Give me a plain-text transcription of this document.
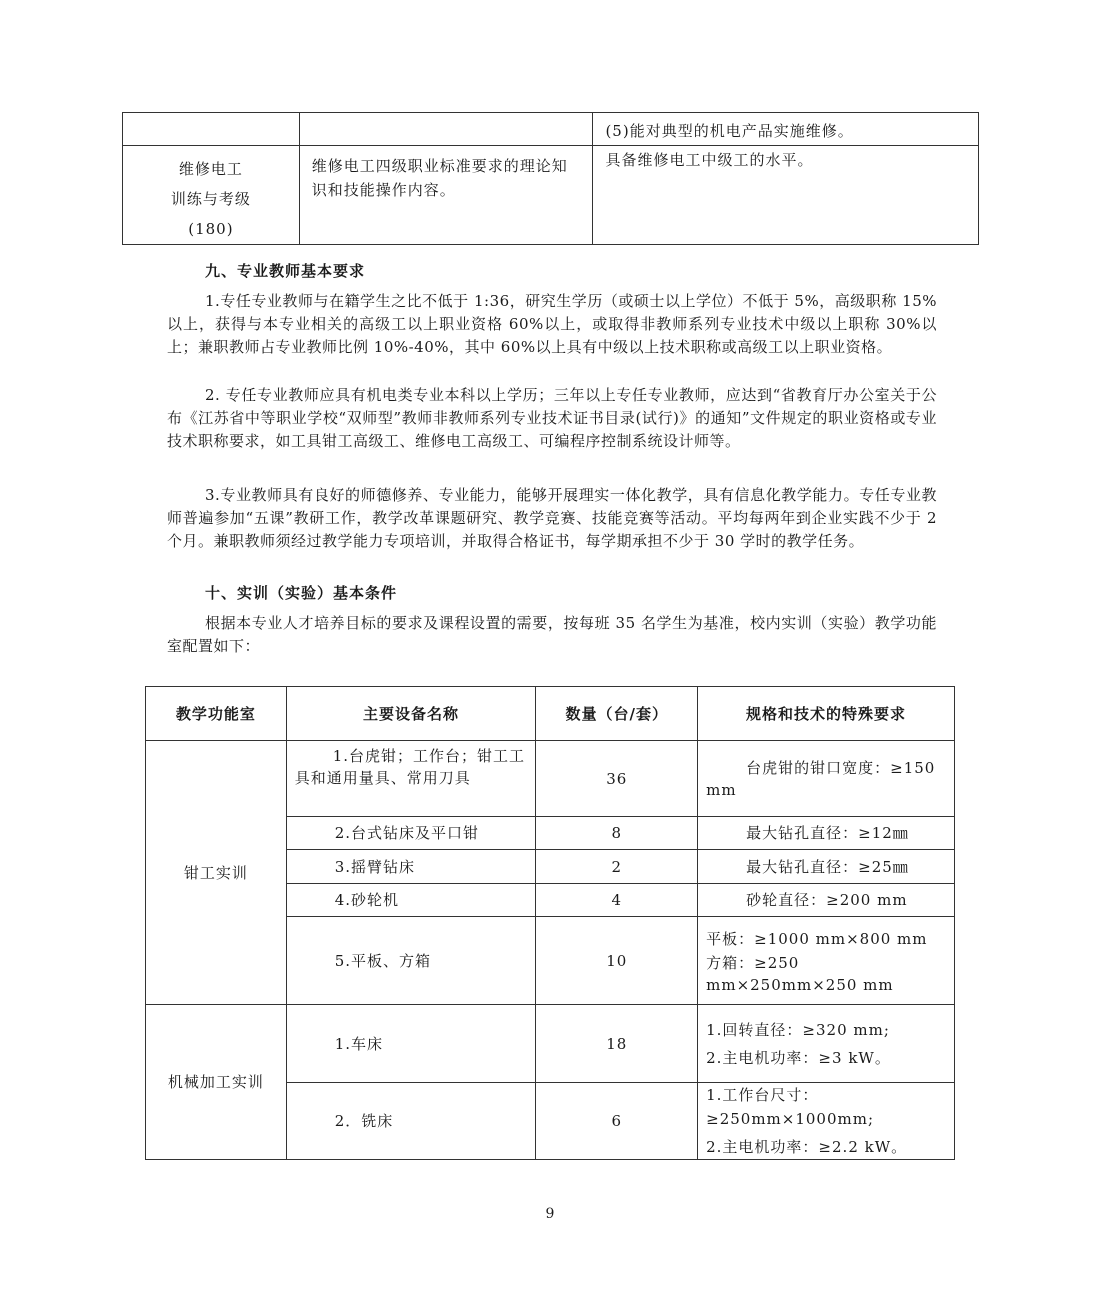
		(5)能对典型的机电产品实施维修。

维修电工
训练与考级
(180)	维修电工四级职业标准要求的理论知识和技能操作内容。	具备维修电工中级工的水平。
九、专业教师基本要求

1.专任专业教师与在籍学生之比不低于 1:36，研究生学历（或硕士以上学位）不低于 5%，高级职称 15%以上，获得与本专业相关的高级工以上职业资格 60%以上，或取得非教师系列专业技术中级以上职称 30%以上；兼职教师占专业教师比例 10%-40%，其中 60%以上具有中级以上技术职称或高级工以上职业资格。

2. 专任专业教师应具有机电类专业本科以上学历；三年以上专任专业教师，应达到“省教育厅办公室关于公布《江苏省中等职业学校“双师型”教师非教师系列专业技术证书目录(试行)》的通知”文件规定的职业资格或专业技术职称要求，如工具钳工高级工、维修电工高级工、可编程序控制系统设计师等。

3.专业教师具有良好的师德修养、专业能力，能够开展理实一体化教学，具有信息化教学能力。专任专业教师普遍参加“五课”教研工作，教学改革课题研究、教学竞赛、技能竞赛等活动。平均每两年到企业实践不少于 2 个月。兼职教师须经过教学能力专项培训，并取得合格证书，每学期承担不少于 30 学时的教学任务。

十、实训（实验）基本条件

根据本专业人才培养目标的要求及课程设置的需要，按每班 35 名学生为基准，校内实训（实验）教学功能室配置如下：

教学功能室	主要设备名称	数量（台/套）	规格和技术的特殊要求
钳工实训	1.台虎钳；工作台；钳工工具和通用量具、常用刀具	36	台虎钳的钳口宽度：≥150 mm
	2.台式钻床及平口钳	8	最大钻孔直径：≥12㎜
	3.摇臂钻床	2	最大钻孔直径：≥25㎜
	4.砂轮机	4	砂轮直径：≥200 mm
	5.平板、方箱	10	平板：≥1000 mm×800 mm
方箱：≥250 mm×250mm×250 mm

机械加工实训	1.车床	18	1.回转直径：≥320 mm;
2.主电机功率：≥3 kW。

	2．铣床	6	1.工作台尺寸：≥250mm×1000mm;
2.主电机功率：≥2.2 kW。
9
